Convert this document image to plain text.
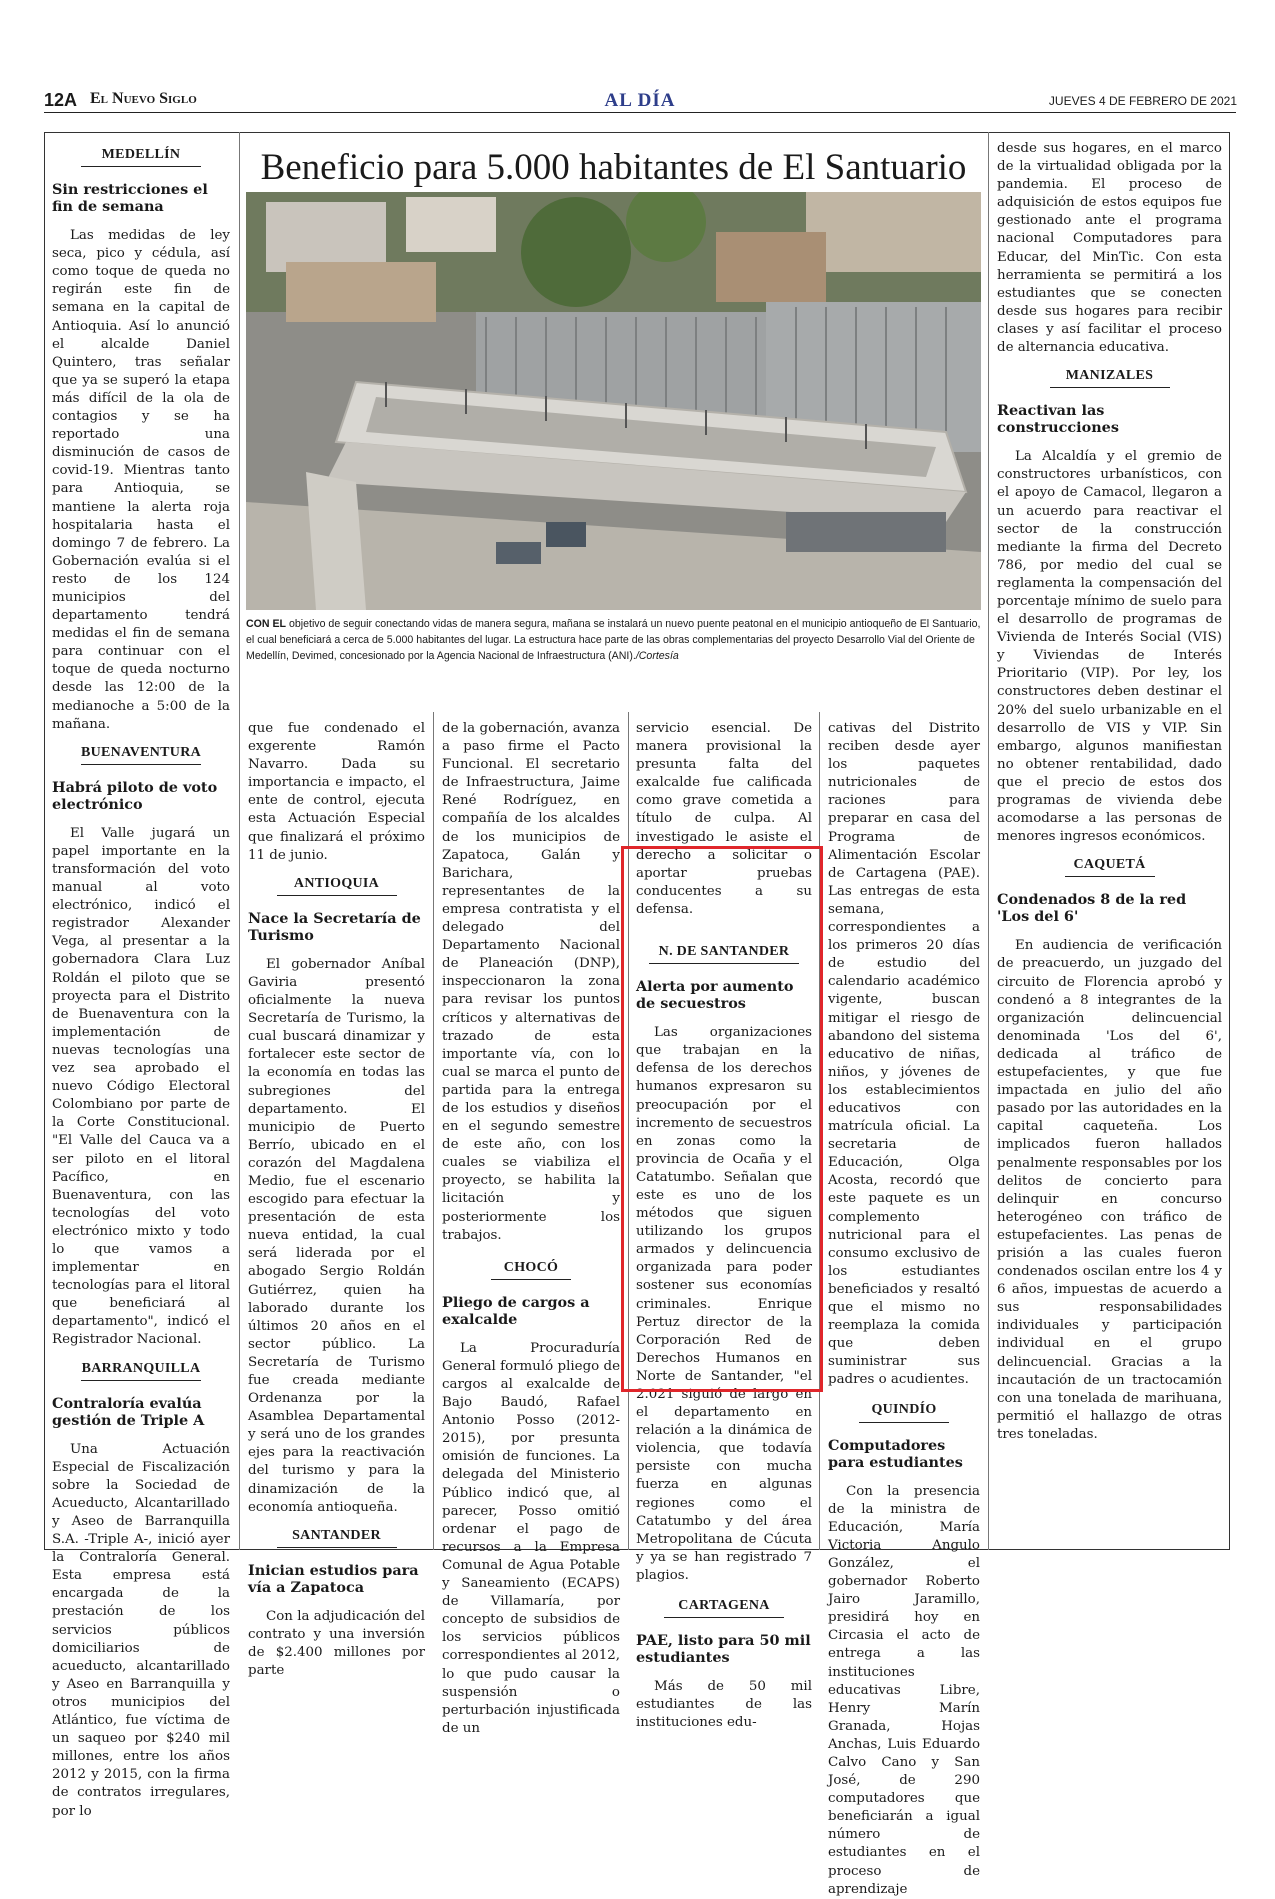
12A El Nuevo Siglo	AL DÍA	JUEVES 4 DE FEBRERO DE 2021
Beneficio para 5.000 habitantes de El Santuario
CON EL objetivo de seguir conectando vidas de manera segura, mañana se instalará un nuevo puente peatonal en el municipio antioqueño de El Santuario, el cual beneficiará a cerca de 5.000 habitantes del lugar. La estructura hace parte de las obras complementarias del proyecto Desarrollo Vial del Oriente de Medellín, Devimed, concesionado por la Agencia Nacional de Infraestructura (ANI)./Cortesía
MEDELLÍN
Sin restricciones el fin de semana

Las medidas de ley seca, pico y cédula, así como toque de queda no regirán este fin de semana en la capital de Antioquia. Así lo anunció el alcalde Daniel Quintero, tras señalar que ya se superó la etapa más difícil de la ola de contagios y se ha reportado una disminución de casos de covid-19. Mientras tanto para Antioquia, se mantiene la alerta roja hospitalaria hasta el domingo 7 de febrero. La Gobernación evalúa si el resto de los 124 municipios del departamento tendrá medidas el fin de semana para continuar con el toque de queda nocturno desde las 12:00 de la medianoche a 5:00 de la mañana.

BUENAVENTURA
Habrá piloto de voto electrónico

El Valle jugará un papel importante en la transformación del voto manual al voto electrónico, indicó el registrador Alexander Vega, al presentar a la gobernadora Clara Luz Roldán el piloto que se proyecta para el Distrito de Buenaventura con la implementación de nuevas tecnologías una vez sea aprobado el nuevo Código Electoral Colombiano por parte de la Corte Constitucional. "El Valle del Cauca va a ser piloto en el litoral Pacífico, en Buenaventura, con las tecnologías del voto electrónico mixto y todo lo que vamos a implementar en tecnologías para el litoral que beneficiará al departamento", indicó el Registrador Nacional.

BARRANQUILLA
Contraloría evalúa gestión de Triple A

Una Actuación Especial de Fiscalización sobre la Sociedad de Acueducto, Alcantarillado y Aseo de Barranquilla S.A. -Triple A-, inició ayer la Contraloría General. Esta empresa está encargada de la prestación de los servicios públicos domiciliarios de acueducto, alcantarillado y Aseo en Barranquilla y otros municipios del Atlántico, fue víctima de un saqueo por $240 mil millones, entre los años 2012 y 2015, con la firma de contratos irregulares, por lo

que fue condenado el exgerente Ramón Navarro. Dada su importancia e impacto, el ente de control, ejecuta esta Actuación Especial que finalizará el próximo 11 de junio.

ANTIOQUIA
Nace la Secretaría de Turismo

El gobernador Aníbal Gaviria presentó oficialmente la nueva Secretaría de Turismo, la cual buscará dinamizar y fortalecer este sector de la economía en todas las subregiones del departamento. El municipio de Puerto Berrío, ubicado en el corazón del Magdalena Medio, fue el escenario escogido para efectuar la presentación de esta nueva entidad, la cual será liderada por el abogado Sergio Roldán Gutiérrez, quien ha laborado durante los últimos 20 años en el sector público. La Secretaría de Turismo fue creada mediante Ordenanza por la Asamblea Departamental y será uno de los grandes ejes para la reactivación del turismo y para la dinamización de la economía antioqueña.

SANTANDER
Inician estudios para vía a Zapatoca

Con la adjudicación del contrato y una inversión de $2.400 millones por parte

de la gobernación, avanza a paso firme el Pacto Funcional. El secretario de Infraestructura, Jaime René Rodríguez, en compañía de los alcaldes de los municipios de Zapatoca, Galán y Barichara, representantes de la empresa contratista y el delegado del Departamento Nacional de Planeación (DNP), inspeccionaron la zona para revisar los puntos críticos y alternativas de trazado de esta importante vía, con lo cual se marca el punto de partida para la entrega de los estudios y diseños en el segundo semestre de este año, con los cuales se viabiliza el proyecto, se habilita la licitación y posteriormente los trabajos.

CHOCÓ
Pliego de cargos a exalcalde

La Procuraduría General formuló pliego de cargos al exalcalde de Bajo Baudó, Rafael Antonio Posso (2012-2015), por presunta omisión de funciones. La delegada del Ministerio Público indicó que, al parecer, Posso omitió ordenar el pago de recursos a la Empresa Comunal de Agua Potable y Saneamiento (ECAPS) de Villamaría, por concepto de subsidios de los servicios públicos correspondientes al 2012, lo que pudo causar la suspensión o perturbación injustificada de un

servicio esencial. De manera provisional la presunta falta del exalcalde fue calificada como grave cometida a título de culpa. Al investigado le asiste el derecho a solicitar o aportar pruebas conducentes a su defensa.

N. DE SANTANDER
Alerta por aumento de secuestros

Las organizaciones que trabajan en la defensa de los derechos humanos expresaron su preocupación por el incremento de secuestros en zonas como la provincia de Ocaña y el Catatumbo. Señalan que este es uno de los métodos que siguen utilizando los grupos armados y delincuencia organizada para poder sostener sus economías criminales. Enrique Pertuz director de la Corporación Red de Derechos Humanos en Norte de Santander, "el 2.021 siguió de largo en el departamento en relación a la dinámica de violencia, que todavía persiste con mucha fuerza en algunas regiones como el Catatumbo y del área Metropolitana de Cúcuta y ya se han registrado 7 plagios.

CARTAGENA
PAE, listo para 50 mil estudiantes

Más de 50 mil estudiantes de las instituciones edu-

cativas del Distrito reciben desde ayer los paquetes nutricionales de raciones para preparar en casa del Programa de Alimentación Escolar de Cartagena (PAE). Las entregas de esta semana, correspondientes a los primeros 20 días de estudio del calendario académico vigente, buscan mitigar el riesgo de abandono del sistema educativo de niñas, niños, y jóvenes de los establecimientos educativos con matrícula oficial. La secretaria de Educación, Olga Acosta, recordó que este paquete es un complemento nutricional para el consumo exclusivo de los estudiantes beneficiados y resaltó que el mismo no reemplaza la comida que deben suministrar sus padres o acudientes.

QUINDÍO
Computadores para estudiantes

Con la presencia de la ministra de Educación, María Victoria Angulo González, el gobernador Roberto Jairo Jaramillo, presidirá hoy en Circasia el acto de entrega a las instituciones educativas Libre, Henry Marín Granada, Hojas Anchas, Luis Eduardo Calvo Cano y San José, de 290 computadores que beneficiarán a igual número de estudiantes en el proceso de aprendizaje

desde sus hogares, en el marco de la virtualidad obligada por la pandemia. El proceso de adquisición de estos equipos fue gestionado ante el programa nacional Computadores para Educar, del MinTic. Con esta herramienta se permitirá a los estudiantes que se conecten desde sus hogares para recibir clases y así facilitar el proceso de alternancia educativa.

MANIZALES
Reactivan las construcciones

La Alcaldía y el gremio de constructores urbanísticos, con el apoyo de Camacol, llegaron a un acuerdo para reactivar el sector de la construcción mediante la firma del Decreto 786, por medio del cual se reglamenta la compensación del porcentaje mínimo de suelo para el desarrollo de programas de Vivienda de Interés Social (VIS) y Viviendas de Interés Prioritario (VIP). Por ley, los constructores deben destinar el 20% del suelo urbanizable en el desarrollo de VIS y VIP. Sin embargo, algunos manifiestan no obtener rentabilidad, dado que el precio de estos dos programas de vivienda debe acomodarse a las personas de menores ingresos económicos.

CAQUETÁ
Condenados 8 de la red 'Los del 6'

En audiencia de verificación de preacuerdo, un juzgado del circuito de Florencia aprobó y condenó a 8 integrantes de la organización delincuencial denominada 'Los del 6', dedicada al tráfico de estupefacientes, y que fue impactada en julio del año pasado por las autoridades en la capital caqueteña. Los implicados fueron hallados penalmente responsables por los delitos de concierto para delinquir en concurso heterogéneo con tráfico de estupefacientes. Las penas de prisión a las cuales fueron condenados oscilan entre los 4 y 6 años, impuestas de acuerdo a sus responsabilidades individuales y participación individual en el grupo delincuencial. Gracias a la incautación de un tractocamión con una tonelada de marihuana, permitió el hallazgo de otras tres toneladas.
